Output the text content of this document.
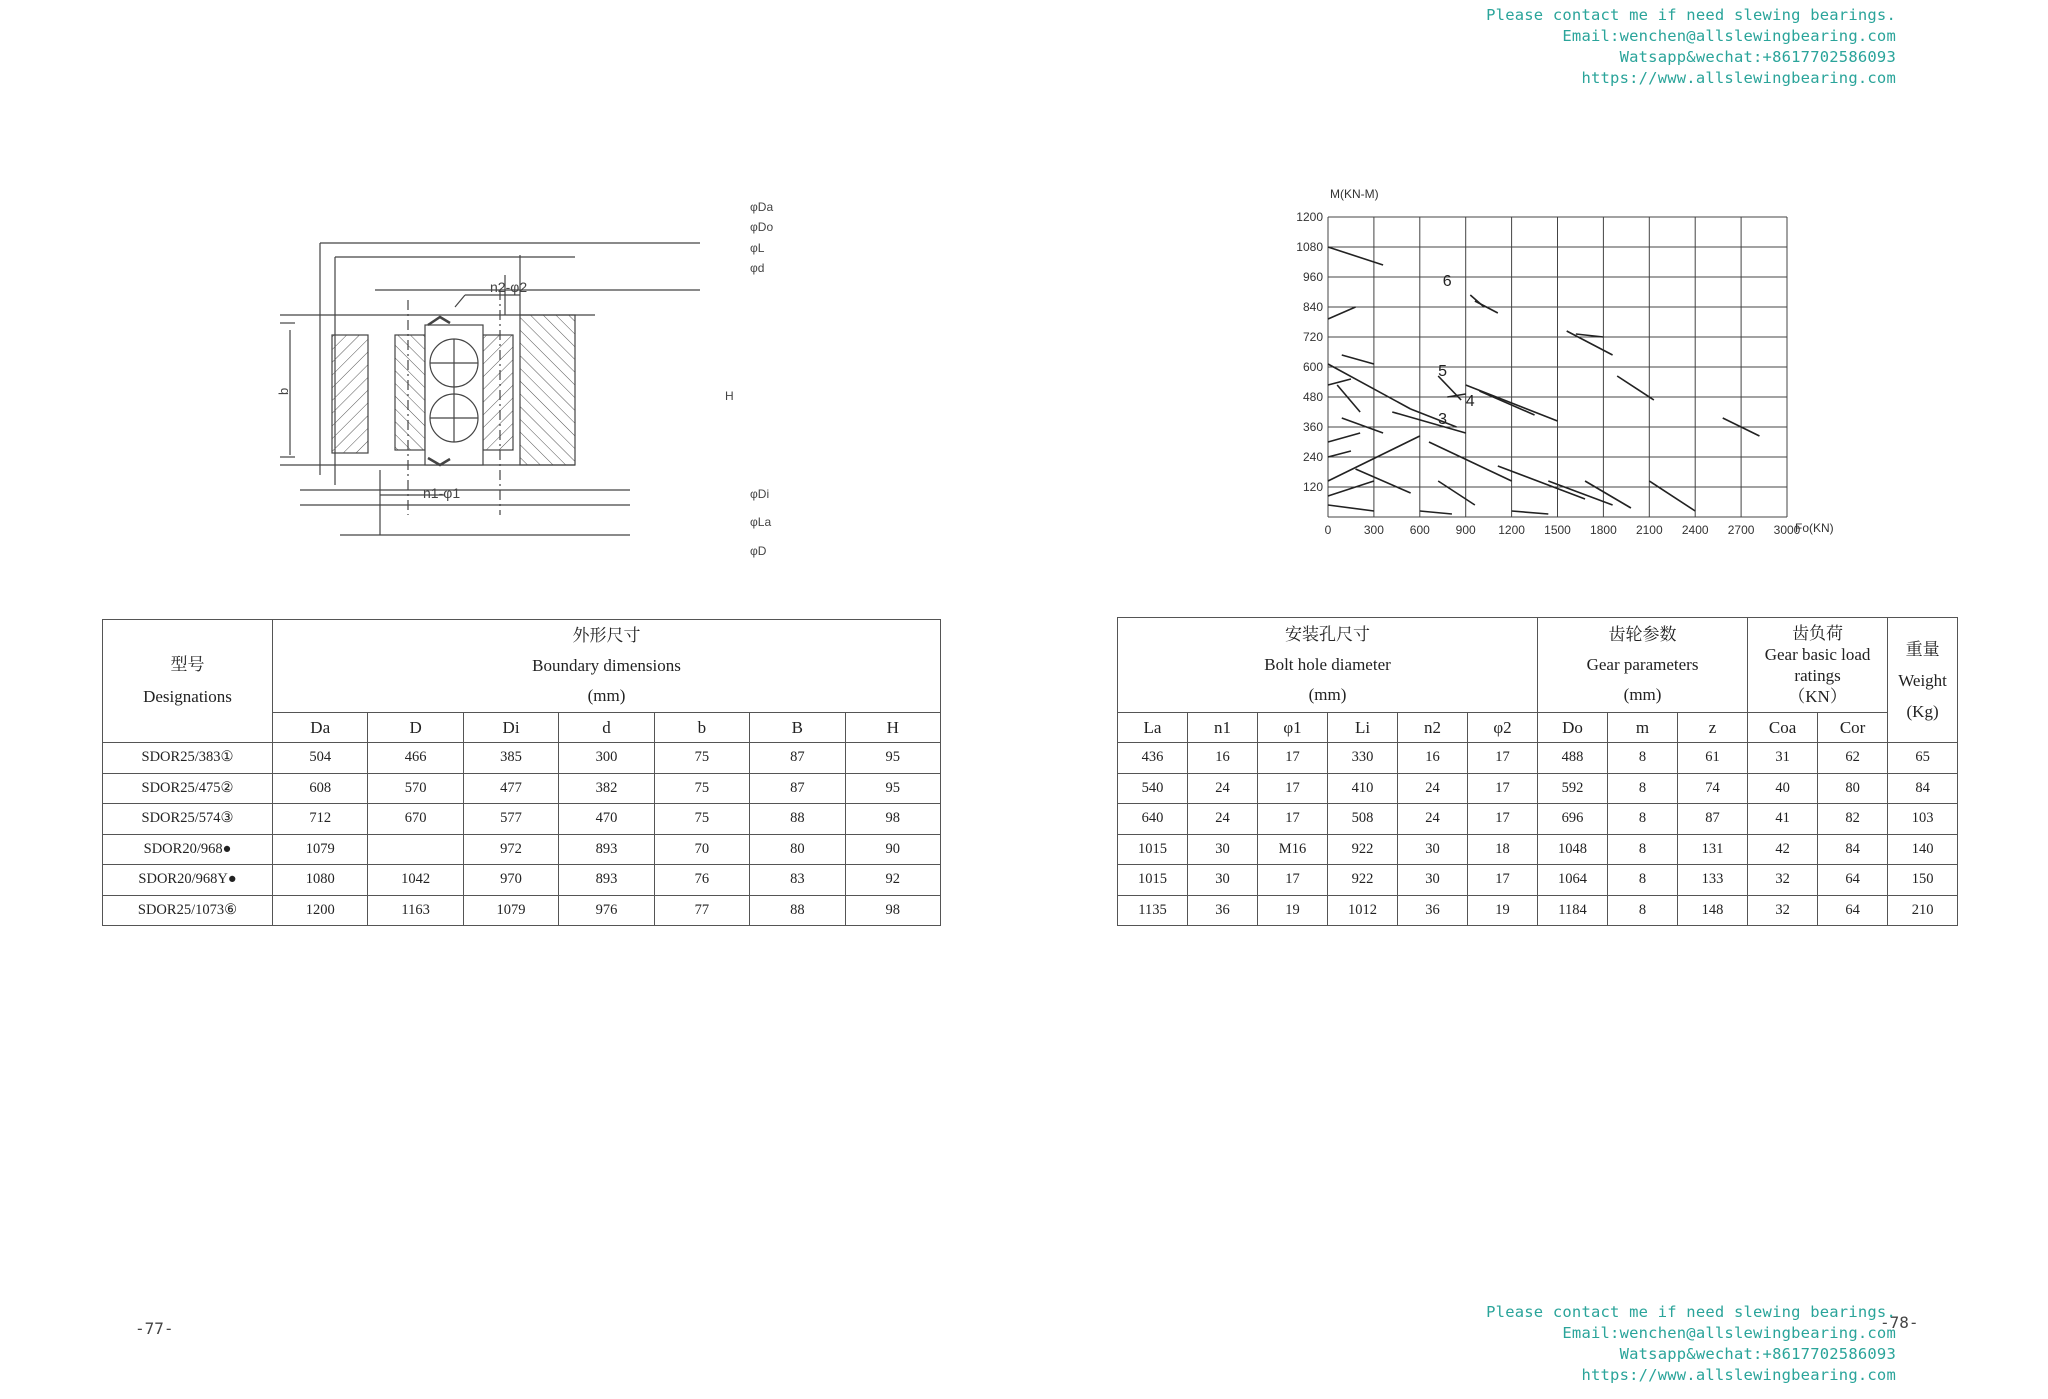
Please contact me if need slewing bearings.
Email:wenchen@allslewingbearing.com
Watsapp&wechat:+8617702586093
https://www.allslewingbearing.com
n2-φ2
n1-φ1
b	H
φDa
φDo
φL
φd
φDi
φLa
φD
0	300 600 900 1200 1500 1800 2100 2400 2700 3000
120
240
360
480
600
720
840
960
1080
1200
3
4
5
6
M(KN-M)
Fo(KN)
型号
Designations	外形尺寸
Boundary dimensions
(mm)						

	Da	D	Di	d	b	B	H
SDOR25/383①	504	466	385	300	75	87	95
SDOR25/475②	608	570	477	382	75	87	95
SDOR25/574③	712	670	577	470	75	88	98
SDOR20/968●	1079		972	893	70	80	90
SDOR20/968Y●	1080	1042	970	893	76	83	92
SDOR25/1073⑥	1200	1163	1079	976	77	88	98
安装孔尺寸
Bolt hole diameter
(mm)						齿轮参数
Gear parameters
(mm)			齿负荷
Gear basic load
ratings
（KN）		重量
Weight
(Kg)

La	n1	φ1	Li	n2	φ2	Do	m	z	Coa	Cor	
436	16	17	330	16	17	488	8	61	31	62	65
540	24	17	410	24	17	592	8	74	40	80	84
640	24	17	508	24	17	696	8	87	41	82	103
1015	30	M16	922	30	18	1048	8	131	42	84	140
1015	30	17	922	30	17	1064	8	133	32	64	150
1135	36	19	1012	36	19	1184	8	148	32	64	210
-77-	-78-
Please contact me if need slewing bearings.
Email:wenchen@allslewingbearing.com
Watsapp&wechat:+8617702586093
https://www.allslewingbearing.com
